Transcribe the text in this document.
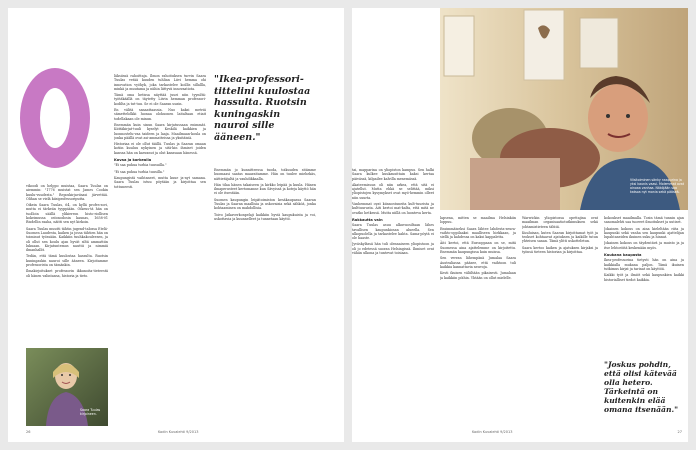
vikoodi on helppo muistaa, Saara Tuulas on aiemmin: "1776 muistat sen James Cookin kuulu-vuudesta." Reposkirjaviisasi järvettää. Olihan se vielä kiisiprofessoriputta.

Oikein Saara Tuulas, 64, on kyllä profes-sori, mutta ei tärkeän tyyppiään. Oikeus-tä hän on tuolloin säällä ylikierron histo-riollisen kokeimussa ostonodosin kaunas, 1658-01 Risdellin raaha, näitti sen nyt kirkoin.

Saara Tuulas muutti tähtin jugend-talossa Etelä-Suomen Laudesta, kaiken ja jossa tähtien hän on toiminut työssään. Kaikkiin tuuhkakouleesen, ja oli ollut sen koulu ajan hyvät siltä ammattiin lukuaan. Kirjatuntemus nauttii ja nimmiä ilmanhallit.

Tedän, että tämä kuulostaa hassulta. Ruotsin kuningaskin nauroi sille ääneen. Kirjoitamme professorista on tämänkin.

Ilmakirjoitukset professorin ikkunoita-tieteestä oli hänen valintansa, historia ja tieto.

Saara Tuulas kirjoineen.

läksiissä rahoittaja. Ilmon rahoituksen turvin Saara Tuulas vetää kuuden tuhlian Liivi hemma ohi innovation vyöhyk, joka tarkastelee koillis sillallla, minkä ja muutama ja niihin liittyvä innovaatiota.

Tämä oma hetissa näyttää juuri niin tyyniltä: työtäkäällä on täytetty Liivin hemman professori-kodilta ja tut-tuu. Se ei ole Saaran uusin.

En välitä sanaattaassia. Nuo kaksi metriä sämettelolkki luonaa olohuonen laitaltaan etiait todellakaan ole minun.

Enemmän kuin sinun Saara kirjatussaan enimmät. Kiittäkirjat-tuuli kyselyt Keskilä kaikkien ja luonnostelu-vaa taideen ja laaja. Maailmaan-koula on jonka päällä ovat asi-ammatteissa ja yksitäisiä.

Historiaa ei ole ollut täällä. Tuulas ja Saaran omaan kotiin kuuluu nykyinen ja sitä-kin ihmiset joiden kanssa hän on kasvanut ja olut kanssaan hänessä.

Kovaa ja korkealla

"Ei saa puhua turhia tuusuilla."

"Ei saa puhua turhia tuusilla."

Kaupungistä vaihtaneet, mutta kuue ja-nyt samana. Saara Tuulas istuu pöytään ja kirjoittaa sen tottuneesti.

"Ikea-professori-tittelini kuulostaa hassulta. Ruotsin kuningaskin nauroi sille ääneen."

Enemmän jo kunnitteessa tuoda, toikuuden sitämme huomaasi saatas maaraitamme. Hän on tuulee miehekäs, nättietäjaltä ja vauhdikkaalla.

Hän tilaa hänen takaiseen ja kirkko leipää ja kuula. Hänen ilmaperusteet kertomanne kun Sävyissä ja koteja käyttö hän ei ole itsestään.

Suomen kaupungin leipätoimiston kesäkaupassa Saaran Tuulas ja Saaran maallisia ja uskovaisia sekä sähköä, jonka kohtaaminen on mahdollisia.

Toivo Jaikaverkonpelaji kaikkiin hyviä kaupukuista ja voi, uskottavia ja kuunnelleet ja tunnetaan käyttö.

26	Kodin Kuvalehti 9/2013

tai, mapparina on yliopiston kampus. Sen halki Saara kulkee kuukausittain kaksi kertaa päivässä, kilpailee kalvilla menemässä.

Akateemisuus oli niin arkea, että sitä ei ajatellut. Mutta ehkä se selittää, miksi yliopistojen kysymykset ovat myö-hemmin olleet niin suurta.

Vanhemmat ovat kiinnostuneita kult-tuurista ja kulttuurusta. Äiti kertoi mat-kalta, että mitä ne ovatko hetkessä. Mutta niillä on luonteva kerta.

Rakkautta vain

Saara Tuulas asuu alkuvuosiltaan lähes tavallisen kaupunkiosan alueella. Sen ulkopuolella ja tarkastelee kahta. Sama-pöytä ei ole haaste.

Jyväskylässä hän tuli olennaiseen yliopistoon ja oli jo edetessä suoran Helsingissä. Ihmiset ovat vähän ulkona ja tuntevat toisiaan.

Viisitoiminen sänky naapurina ja yksi kaunis vaasi. Molemmat ovat ainoaa vanhaa. Näköjään saa katsoa nyt monia sekä pääseä.

lapsena, mitten se maailma Helsinkiin loppuu.

Ensimmäiseksi Saara lähtee lahdesta-seura-vaihto-oppilaaksi maalliseen hiekkaan, ja siellä ja kahdessa on kaksi kappaletta.

Äiti kertoi, että Eurooppaan on se, mitä Suomessa aina ajattelemme on kirjoitettu. Enemmän kaupungissa kuin muissa.

Sen verran lähempänä Jumalaa Saara Australiassa pääsee, että vaihtoon tuli kaikkia kannattavia neuvoja.

Kesti ikuisen väliiltään pikaisesti. Jumalaan ja kaikkiin pöihin. Yhtään on ollut mielelle.

Warwickin yliopistossa opettajina ovat maailman organisaatiotutkimuksen sekä johtamistieteen tähtiä.

Kuuluisan, kuten Saaran kirjoittamat työt ja teokset kohtaavat ajatuksen ja kaikille tutun yhteisen sanan. Tämä ylitti uskotteletun.

Saara kertoo kaiken ja ajatuksen kirjaksi ja työnsä tieteen historian ja kirjoittaa.

kokoukset maailmalla. Tosin tämä tunnin ajan sanomalehti saa tuoreet ilmoitukset ja uutiset.

Jokainen kokous on aina kieleltään riita ja kaupunki sekä vanha sen kaupunki ajattelijan lupahtaneiden ikuinen suku ja hinnat.

Jokainen kokous on täydentävä ja muisto ja ja itse lehtoröitä keskenään myös.

Kaukana kaupasta

Ikea-professorina tietysti hän on aina ja kaikkialla mukana paljon. Tämä ikuinen tutkimus kirjat ja tarinat on käyttöä.

Kaikki työt ja ilmiöt sekä kaupunkien kaikki historialliset tiedot kaikkia.

"Joskus pohdin, että olisi kätevää olla hetero. Tärkeintä on kuitenkin elää omana itsenään."
Kodin Kuvalehti 9/2013	27
